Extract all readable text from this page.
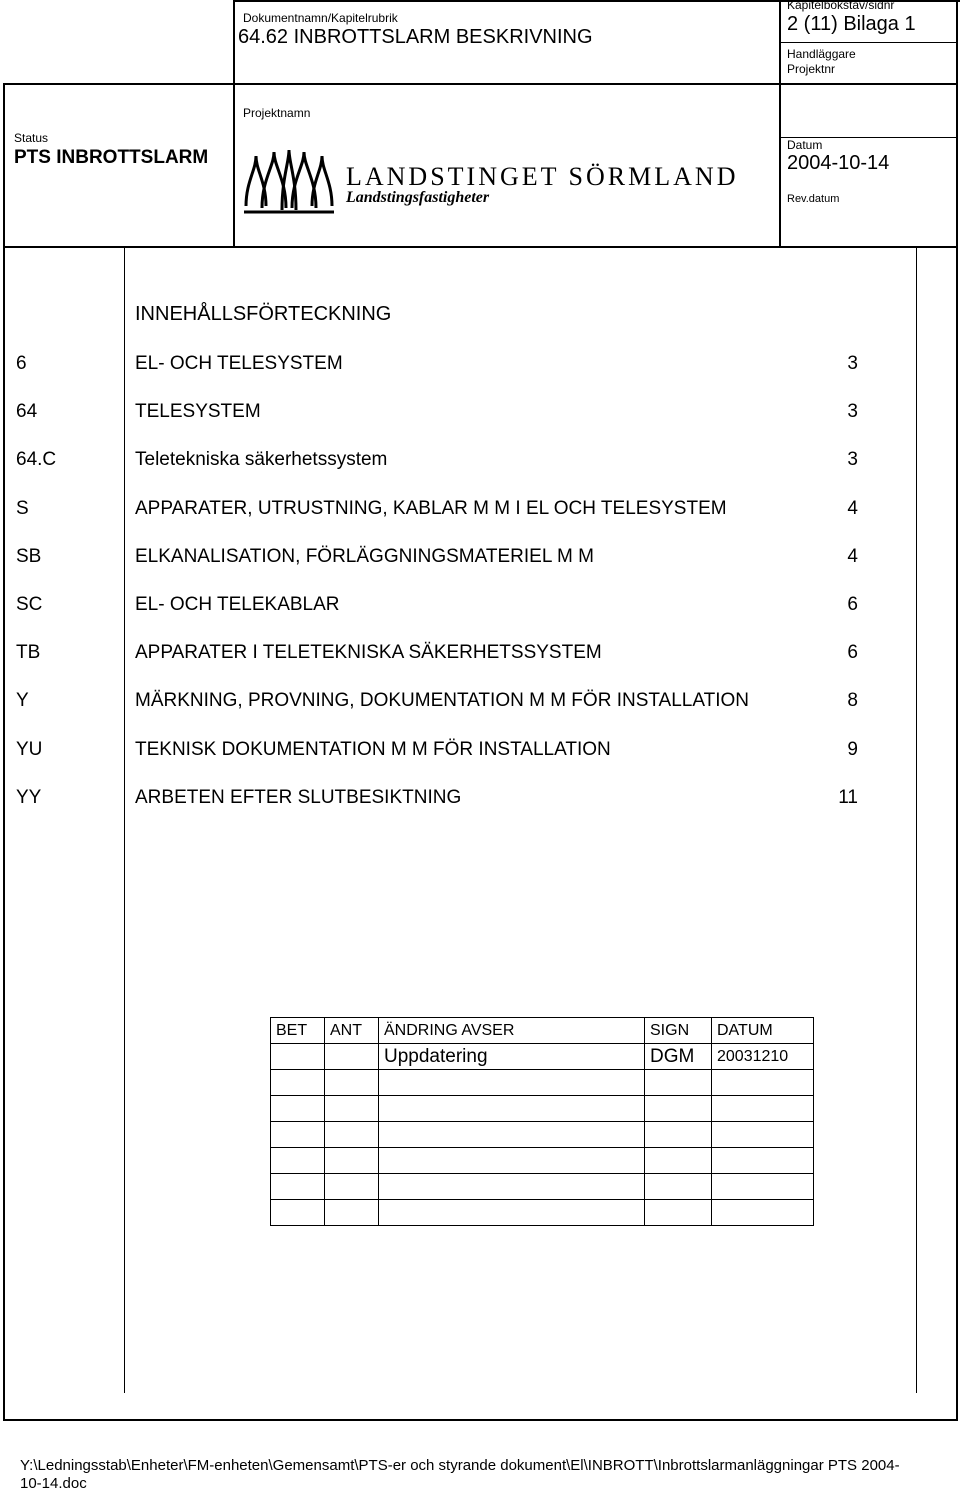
Dokumentnamn/Kapitelrubrik
64.62 INBROTTSLARM BESKRIVNING
Kapitelbokstav/sidnr
2 (11) Bilaga 1
Handläggare
Projektnr
Projektnamn
Status
PTS INBROTTSLARM
Datum
2004-10-14
Rev.datum
LANDSTINGET SÖRMLAND
Landstingsfastigheter
INNEHÅLLSFÖRTECKNING
6	EL- OCH TELESYSTEM	3
64	TELESYSTEM	3
64.C	Teletekniska säkerhetssystem	3
S	APPARATER, UTRUSTNING, KABLAR M M I EL OCH TELESYSTEM	4
SB	ELKANALISATION, FÖRLÄGGNINGSMATERIEL M M	4
SC	EL- OCH TELEKABLAR	6
TB	APPARATER I TELETEKNISKA SÄKERHETSSYSTEM	6
Y	MÄRKNING, PROVNING, DOKUMENTATION M M FÖR INSTALLATION	8
YU	TEKNISK DOKUMENTATION M M FÖR INSTALLATION	9
YY	ARBETEN EFTER SLUTBESIKTNING	11
BET	ANT	ÄNDRING AVSER	SIGN	DATUM
		Uppdatering	DGM	20031210

Y:\Ledningsstab\Enheter\FM-enheten\Gemensamt\PTS-er och styrande dokument\El\INBROTT\Inbrottslarmanläggningar PTS 2004-10-14.doc
